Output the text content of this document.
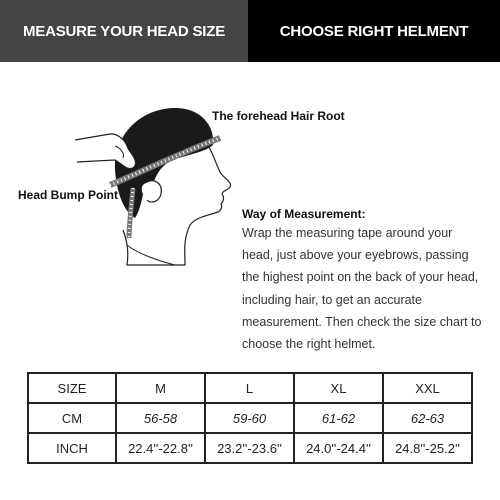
MEASURE YOUR HEAD SIZE	CHOOSE RIGHT HELMENT
The forehead Hair Root
Head Bump Point
Way of Measurement:
Wrap the measuring tape around your head, just above your eyebrows, passing the highest point on the back of your head, including hair, to get an accurate measurement. Then check the size chart to choose the right helmet.
SIZE	M	L	XL	XXL
CM	56-58	59-60	61-62	62-63
INCH	22.4''-22.8''	23.2''-23.6''	24.0''-24.4''	24.8''-25.2''
